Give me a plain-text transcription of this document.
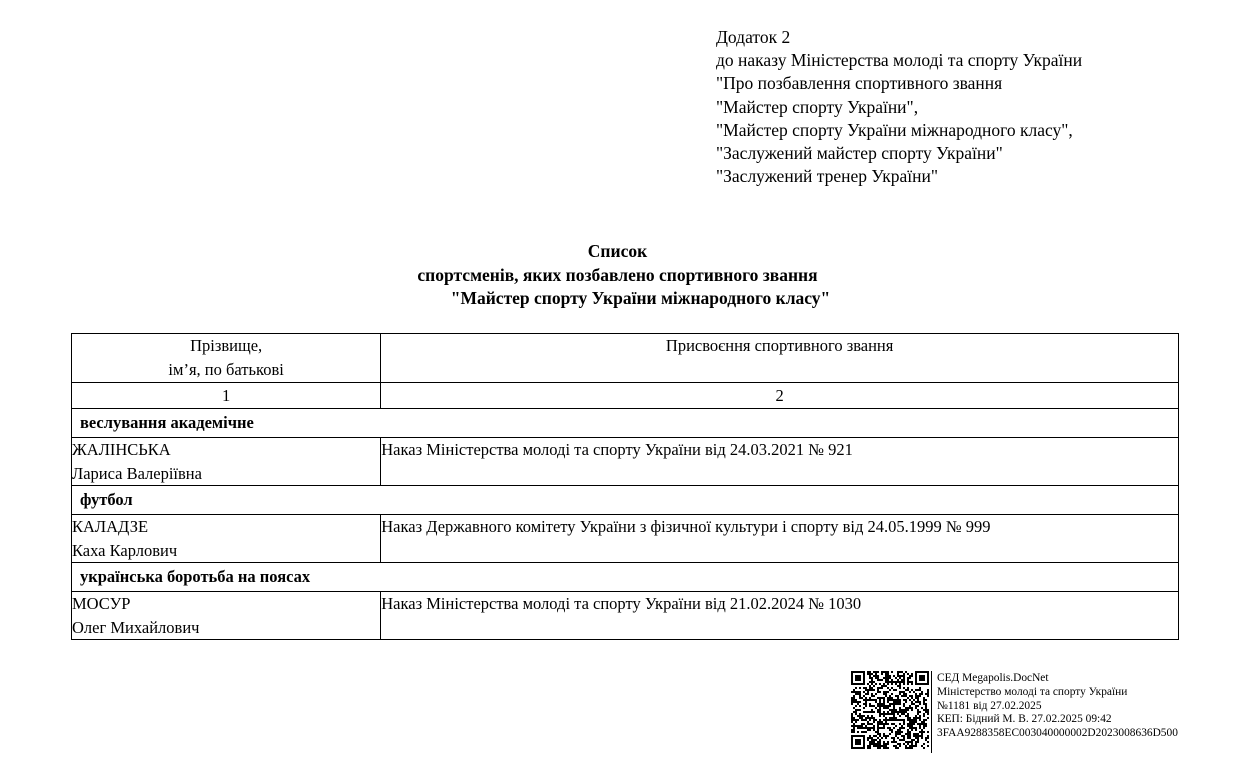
Додаток 2
до наказу Міністерства молоді та спорту України
"Про позбавлення спортивного звання
"Майстер спорту України",
"Майстер спорту України міжнародного класу",
"Заслужений майстер спорту України"
"Заслужений тренер України"
Список
спортсменів, яких позбавлено спортивного звання
"Майстер спорту України міжнародного класу"
Прізвище,
ім’я, по батькові	Присвоєння спортивного звання
1	2
веслування академічне	

ЖАЛІНСЬКА
Лариса Валеріївна	Наказ Міністерства молоді та спорту України від 24.03.2021 № 921
футбол	

КАЛАДЗЕ
Каха Карлович	Наказ Державного комітету України з фізичної культури і спорту від 24.05.1999 № 999
українська боротьба на поясах	

МОСУР
Олег Михайлович	Наказ Міністерства молоді та спорту України від 21.02.2024 № 1030
СЕД Megapolis.DocNet
Міністерство молоді та спорту України
№1181 від 27.02.2025
КЕП: Бідний М. В. 27.02.2025 09:42
3FAA9288358EC003040000002D2023008636D500
